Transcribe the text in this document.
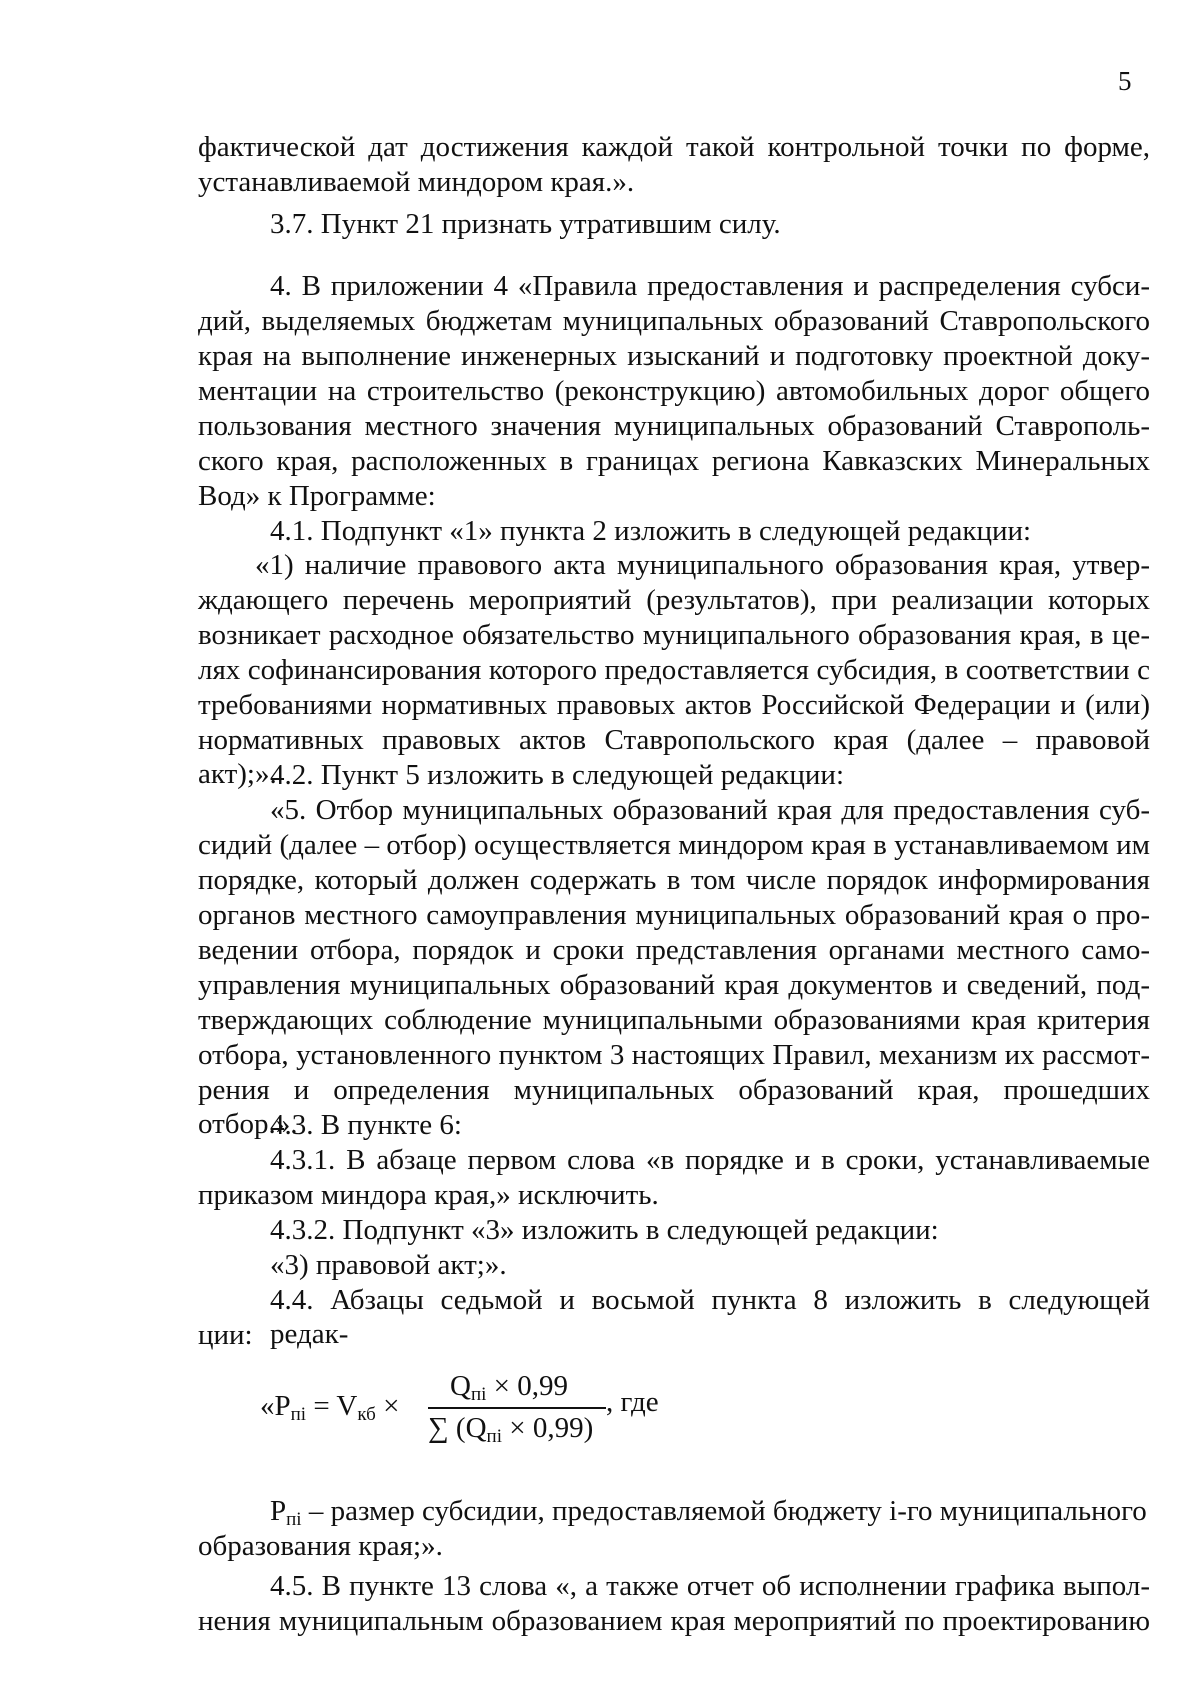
5
фактической дат достижения каждой такой контрольной точки по форме,
устанавливаемой миндором края.».
3.7. Пункт 21 признать утратившим силу.
4. В приложении 4 «Правила предоставления и распределения субси-
дий, выделяемых бюджетам муниципальных образований Ставропольского
края на выполнение инженерных изысканий и подготовку проектной доку-
ментации на строительство (реконструкцию) автомобильных дорог общего
пользования местного значения муниципальных образований Ставрополь-
ского края, расположенных в границах региона Кавказских Минеральных
Вод» к Программе:
4.1. Подпункт «1» пункта 2 изложить в следующей редакции:
«1) наличие правового акта муниципального образования края, утвер-
ждающего перечень мероприятий (результатов), при реализации которых
возникает расходное обязательство муниципального образования края, в це-
лях софинансирования которого предоставляется субсидия, в соответствии с
требованиями нормативных правовых актов Российской Федерации и (или)
нормативных правовых актов Ставропольского края (далее – правовой акт);».
4.2. Пункт 5 изложить в следующей редакции:
«5. Отбор муниципальных образований края для предоставления суб-
сидий (далее – отбор) осуществляется миндором края в устанавливаемом им
порядке, который должен содержать в том числе порядок информирования
органов местного самоуправления муниципальных образований края о про-
ведении отбора, порядок и сроки представления органами местного само-
управления муниципальных образований края документов и сведений, под-
тверждающих соблюдение муниципальными образованиями края критерия
отбора, установленного пунктом 3 настоящих Правил, механизм их рассмот-
рения и определения муниципальных образований края, прошедших отбор.».
4.3. В пункте 6:
4.3.1. В абзаце первом слова «в порядке и в сроки, устанавливаемые
приказом миндора края,» исключить.
4.3.2. Подпункт «3» изложить в следующей редакции:
«3) правовой акт;».
4.4. Абзацы седьмой и восьмой пункта 8 изложить в следующей редак-
ции:
«$P_{пi} = V_{кб}$ ×
$Q_{пi} \times 0,99$
∑ $(Q_{пi} \times 0,99)$
, где
$P_{пi}$ – размер субсидии, предоставляемой бюджету i-го муниципального
образования края;».
4.5. В пункте 13 слова «, а также отчет об исполнении графика выпол-
нения муниципальным образованием края мероприятий по проектированию
